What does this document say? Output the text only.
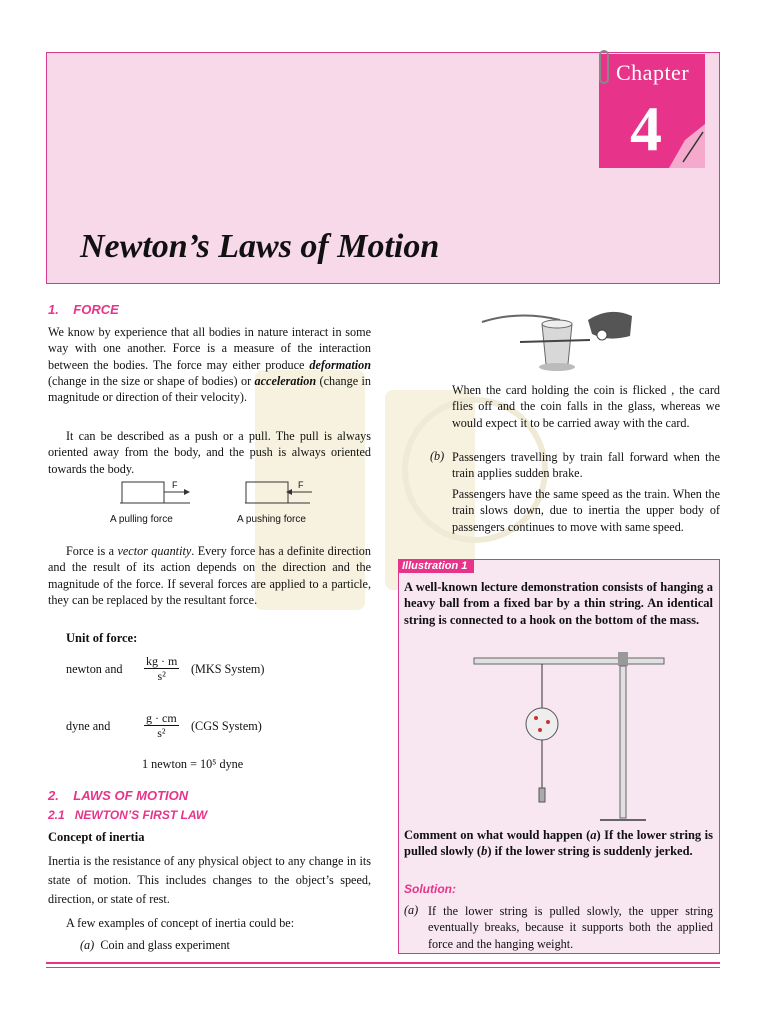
Chapter
4
Newton’s Laws of Motion
1. FORCE
We know by experience that all bodies in nature interact in some way with one another. Force is a measure of the interaction between the bodies. The force may either produce deformation (change in the size or shape of bodies) or acceleration (change in magnitude or direction of their velocity).
It can be described as a push or a pull. The pull is always oriented away from the body, and the push is always oriented towards the body.
F	F
A pulling force	A pushing force
Force is a vector quantity. Every force has a definite direction and the result of its action depends on the direction and the magnitude of the force. If several forces are applied to a particle, they can be replaced by the resultant force.
Unit of force:
newton and $\frac{kg \cdot m}{\text{s²}} (MKS$ System)
dyne and	$\frac{g \cdot cm}{\text{s²}} (CGS$ System)
1 newton = 10⁵ dyne
2. LAWS OF MOTION
2.1 NEWTON’S FIRST LAW
Concept of inertia
Inertia is the resistance of any physical object to any change in its state of motion. This includes changes to the object’s speed, direction, or state of rest.
A few examples of concept of inertia could be:
(a) Coin and glass experiment
When the card holding the coin is flicked , the card flies off and the coin falls in the glass, whereas we would expect it to be carried away with the card.
(b) Passengers travelling by train fall forward when the train applies sudden brake.
Passengers have the same speed as the train. When the train slows down, due to inertia the upper body of passengers continues to move with same speed.
Illustration 1
A well-known lecture demonstration consists of hanging a heavy ball from a fixed bar by a thin string. An identical string is connected to a hook on the bottom of the mass.
Comment on what would happen (a) If the lower string is pulled slowly (b) if the lower string is suddenly jerked.
Solution:
(a) If the lower string is pulled slowly, the upper string eventually breaks, because it supports both the applied force and the hanging weight.
